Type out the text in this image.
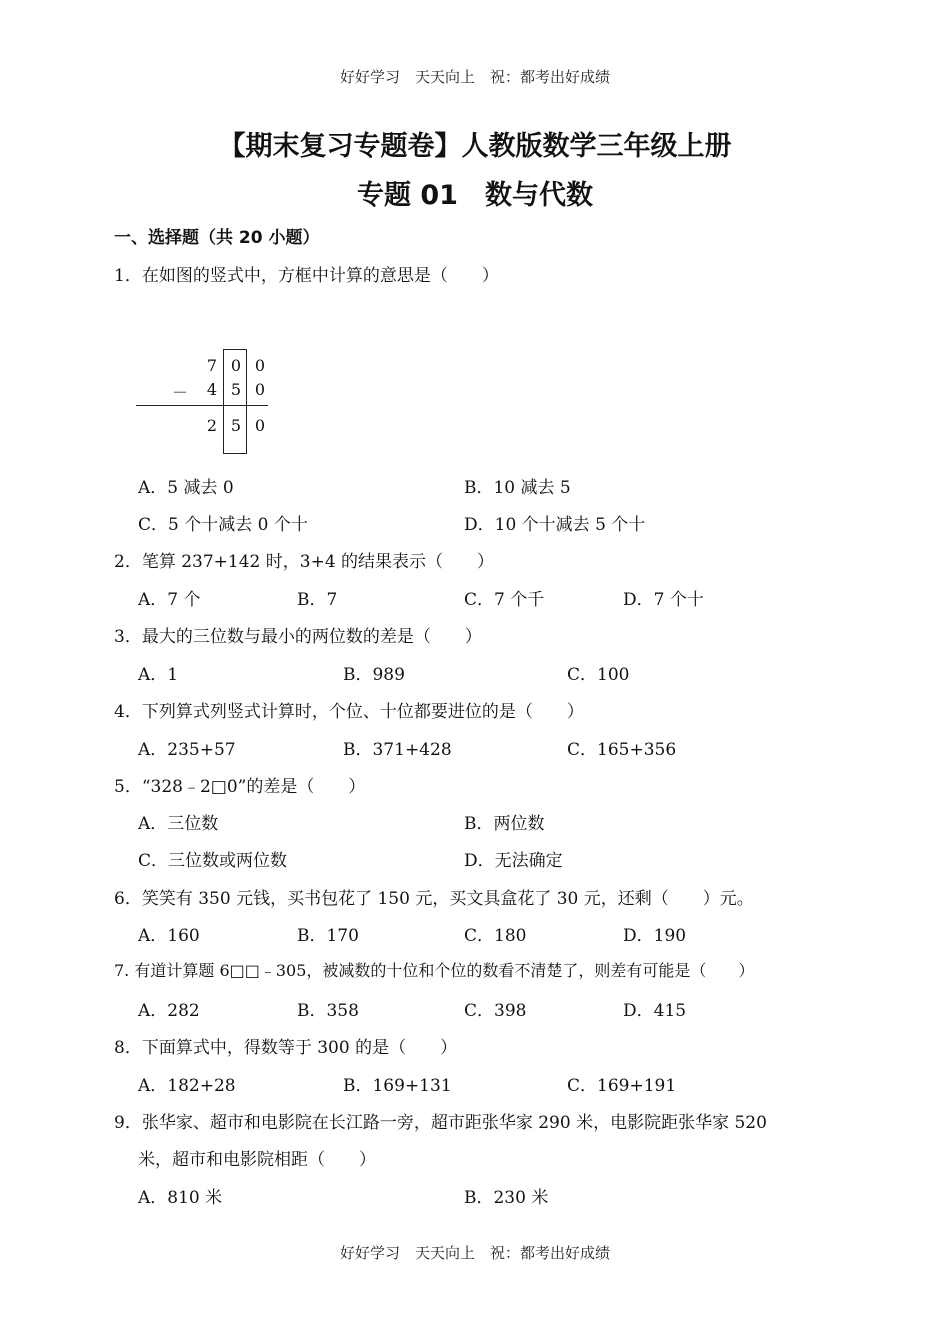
好好学习　天天向上　祝：都考出好成绩
【期末复习专题卷】人教版数学三年级上册
专题 01　数与代数
一、选择题（共 20 小题）
1．在如图的竖式中，方框中计算的意思是（　　）
7 0 0
－	4 5 0
2 5 0
A．5 减去 0	B．10 减去 5
C．5 个十减去 0 个十	D．10 个十减去 5 个十
2．笔算 237+142 时，3+4 的结果表示（　　）
A．7 个	B．7	C．7 个千	D．7 个十
3．最大的三位数与最小的两位数的差是（　　）
A．1	B．989	C．100
4．下列算式列竖式计算时，个位、十位都要进位的是（　　）
A．235+57	B．371+428	C．165+356
5．“328﹣2□0”的差是（　　）
A．三位数	B．两位数
C．三位数或两位数	D．无法确定
6．笑笑有 350 元钱，买书包花了 150 元，买文具盒花了 30 元，还剩（　　）元。
A．160	B．170	C．180	D．190
7. 有道计算题 6□□﹣305，被减数的十位和个位的数看不清楚了，则差有可能是（　　）
A．282	B．358	C．398	D．415
8．下面算式中，得数等于 300 的是（　　）
A．182+28	B．169+131	C．169+191
9．张华家、超市和电影院在长江路一旁，超市距张华家 290 米，电影院距张华家 520
米，超市和电影院相距（　　）
A．810 米	B．230 米
好好学习　天天向上　祝：都考出好成绩
